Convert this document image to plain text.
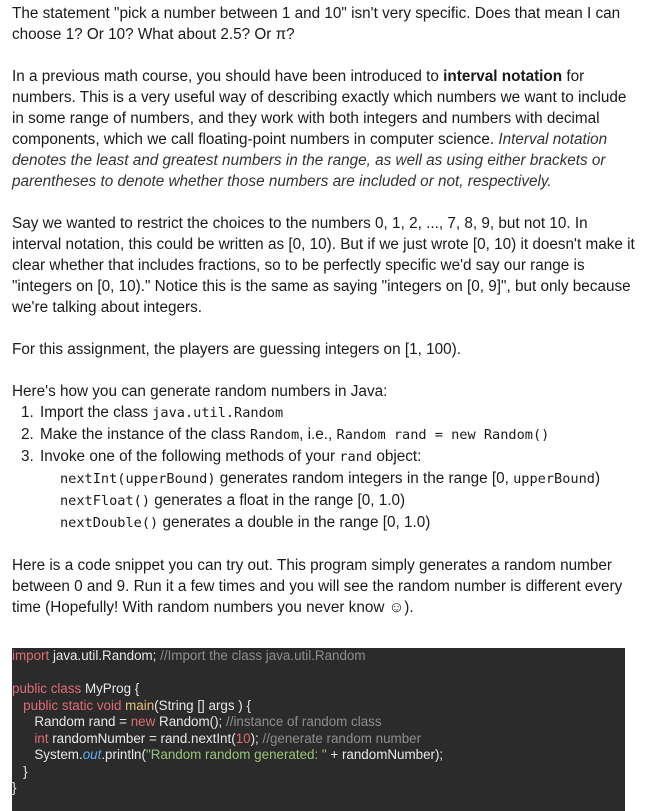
The statement "pick a number between 1 and 10" isn't very specific. Does that mean I can choose 1? Or 10? What about 2.5? Or π?

In a previous math course, you should have been introduced to interval notation for numbers. This is a very useful way of describing exactly which numbers we want to include in some range of numbers, and they work with both integers and numbers with decimal components, which we call floating-point numbers in computer science. Interval notation denotes the least and greatest numbers in the range, as well as using either brackets or parentheses to denote whether those numbers are included or not, respectively.

Say we wanted to restrict the choices to the numbers 0, 1, 2, ..., 7, 8, 9, but not 10. In interval notation, this could be written as [0, 10). But if we just wrote [0, 10) it doesn't make it clear whether that includes fractions, so to be perfectly specific we'd say our range is "integers on [0, 10)." Notice this is the same as saying "integers on [0, 9]", but only because we're talking about integers.

For this assignment, the players are guessing integers on [1, 100).

Here's how you can generate random numbers in Java:

1. Import the class java.util.Random
2. Make the instance of the class Random, i.e., Random rand = new Random()
3. Invoke one of the following methods of your rand object:
nextInt(upperBound) generates random integers in the range [0, upperBound)
nextFloat() generates a float in the range [0, 1.0)
nextDouble() generates a double in the range [0, 1.0)

Here is a code snippet you can try out. This program simply generates a random number between 0 and 9. Run it a few times and you will see the random number is different every time (Hopefully! With random numbers you never know ☺).

import java.util.Random; //Import the class java.util.Random

public class MyProg {
public static void main(String [] args ) {
Random rand = new Random(); //instance of random class
int randomNumber = rand.nextInt(10); //generate random number
System.out.println("Random random generated: " + randomNumber);
}
}
